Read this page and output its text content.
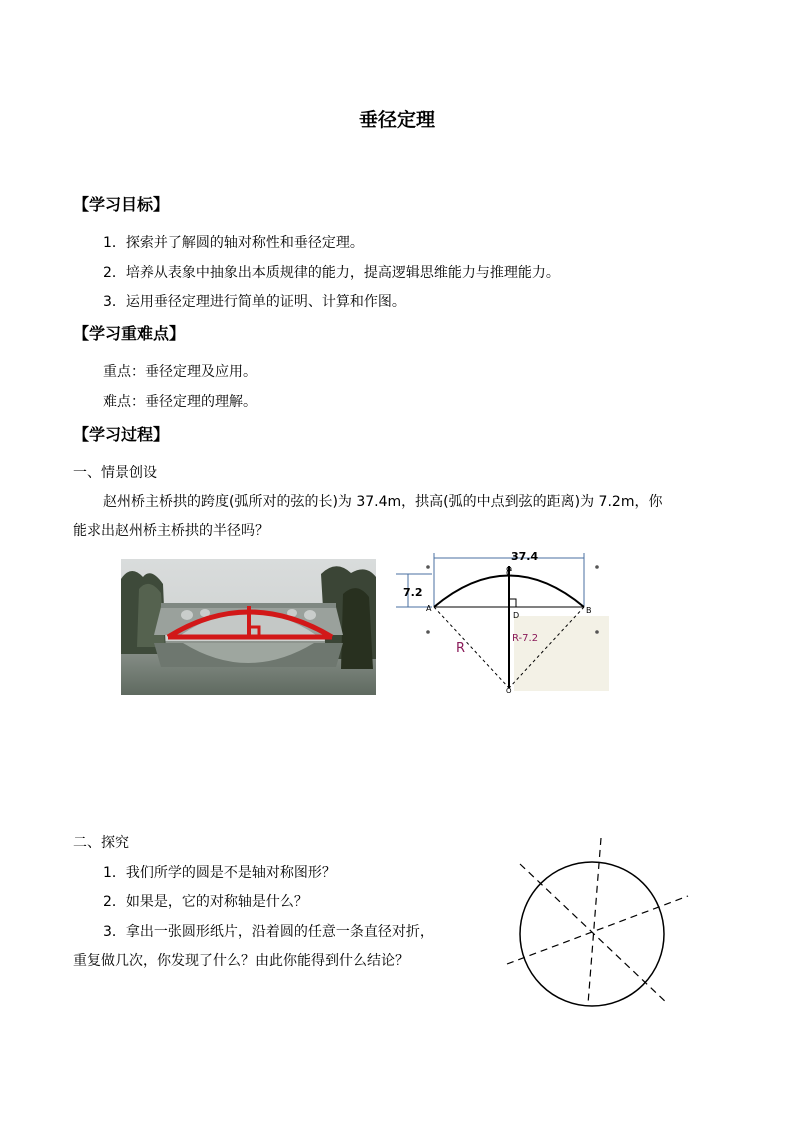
垂径定理
【学习目标】
1．探索并了解圆的轴对称性和垂径定理。
2．培养从表象中抽象出本质规律的能力，提高逻辑思维能力与推理能力。
3．运用垂径定理进行简单的证明、计算和作图。
【学习重难点】
重点：垂径定理及应用。
难点：垂径定理的理解。
【学习过程】
一、情景创设
赵州桥主桥拱的跨度(弧所对的弦的长)为 37.4m，拱高(弧的中点到弦的距离)为 7.2m，你
能求出赵州桥主桥拱的半径吗？
37.4
C
7.2
A	B
D
O
R
R-7.2
二、探究
1．我们所学的圆是不是轴对称图形？
2．如果是，它的对称轴是什么？
3．拿出一张圆形纸片，沿着圆的任意一条直径对折，
重复做几次，你发现了什么？由此你能得到什么结论？
